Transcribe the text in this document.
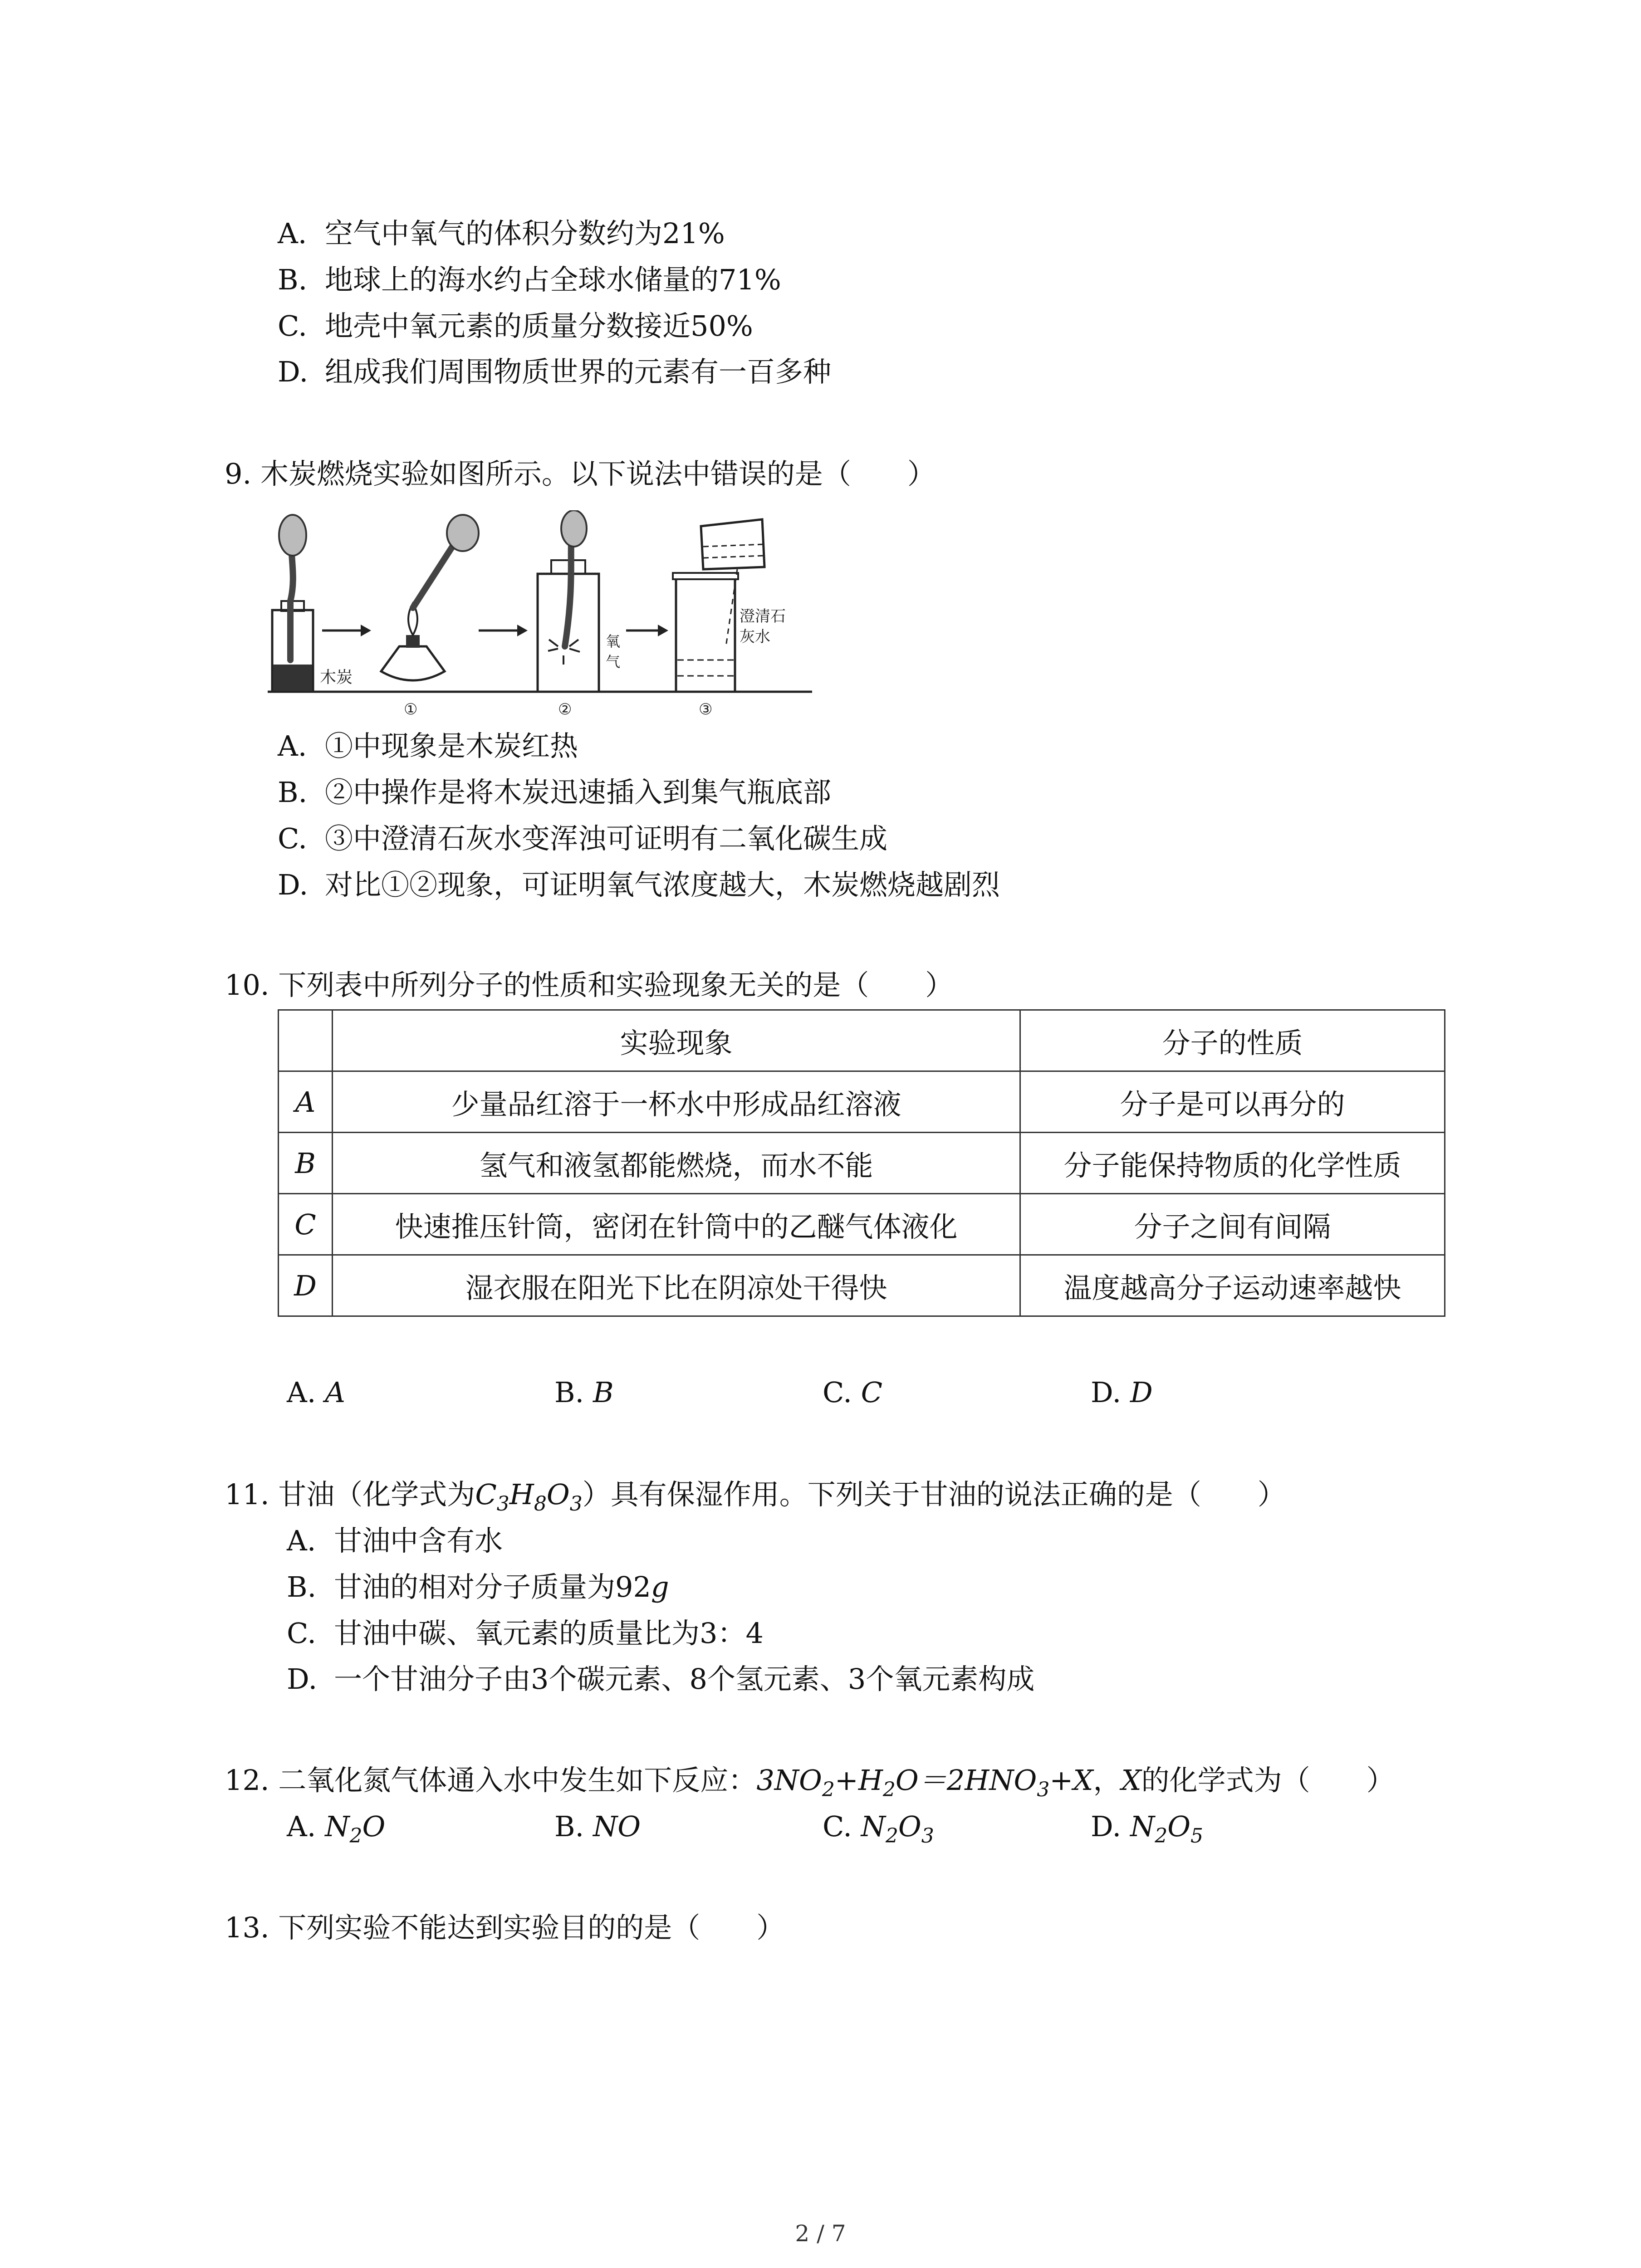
A. 空气中氧气的体积分数约为21%
B. 地球上的海水约占全球水储量的71%
C. 地壳中氧元素的质量分数接近50%
D. 组成我们周围物质世界的元素有一百多种
9. 木炭燃烧实验如图所示。以下说法中错误的是（　　）
木炭
①
氧
气
②
澄清石
灰水
③
A. ①中现象是木炭红热
B. ②中操作是将木炭迅速插入到集气瓶底部
C. ③中澄清石灰水变浑浊可证明有二氧化碳生成
D. 对比①②现象，可证明氧气浓度越大，木炭燃烧越剧烈
10. 下列表中所列分子的性质和实验现象无关的是（　　）
	实验现象	分子的性质
A	少量品红溶于一杯水中形成品红溶液	分子是可以再分的
B	氢气和液氢都能燃烧，而水不能	分子能保持物质的化学性质
C	快速推压针筒，密闭在针筒中的乙醚气体液化	分子之间有间隔
D	湿衣服在阳光下比在阴凉处干得快	温度越高分子运动速率越快
A. A	B. B	C. C	D. D
11. 甘油（化学式为$C_3H_8O_3$）具有保湿作用。下列关于甘油的说法正确的是（　　）
A. 甘油中含有水
B. 甘油的相对分子质量为92g
C. 甘油中碳、氧元素的质量比为3：4
D. 一个甘油分子由3个碳元素、8个氢元素、3个氧元素构成
12. 二氧化氮气体通入水中发生如下反应：$3NO_2+H_2O=2HNO_3+X$，X的化学式为（　　）
A. $N_2O$	B. NO	C. $N_2O_3$	D. $N_2O_5$
13. 下列实验不能达到实验目的的是（　　）
2 / 7
